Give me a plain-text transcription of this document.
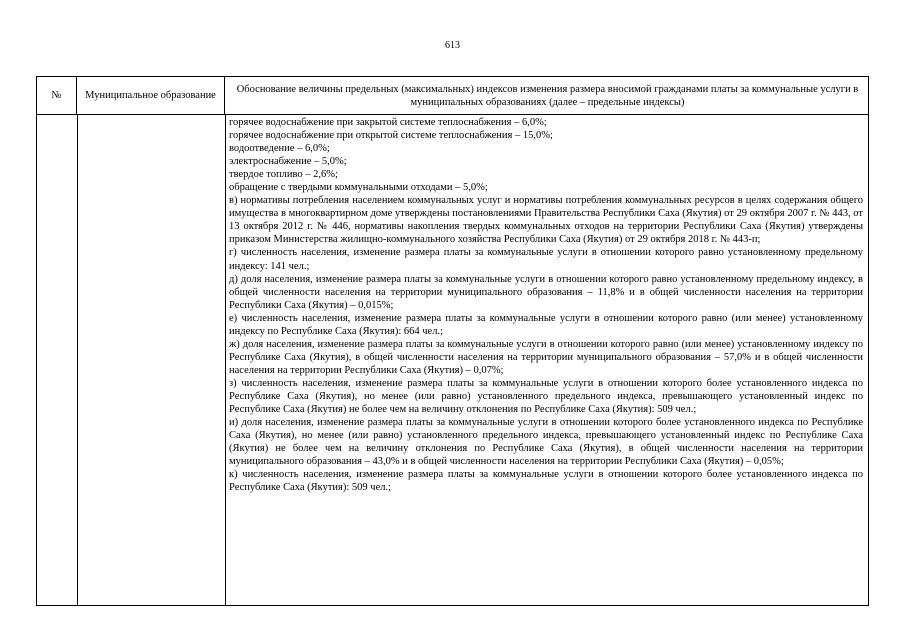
613
№	Муниципальное образование
Обоснование величины предельных (максимальных) индексов изменения размера вносимой гражданами платы за коммунальные услуги в муниципальных образованиях (далее – предельные индексы)

горячее водоснабжение при закрытой системе теплоснабжения – 6,0%;

горячее водоснабжение при открытой системе теплоснабжения – 15,0%;

водоотведение – 6,0%;

электроснабжение – 5,0%;

твердое топливо – 2,6%;

обращение с твердыми коммунальными отходами – 5,0%;

в) нормативы потребления населением коммунальных услуг и нормативы потребления коммунальных ресурсов в целях содержания общего имущества в многоквартирном доме утверждены постановлениями Правительства Республики Саха (Якутия) от 29 октября 2007 г. № 443, от 13 октября 2012 г. № 446, нормативы накопления твердых коммунальных отходов на территории Республики Саха (Якутия) утверждены приказом Министерства жилищно-коммунального хозяйства Республики Саха (Якутия) от 29 октября 2018 г. № 443-п;

г) численность населения, изменение размера платы за коммунальные услуги в отношении которого равно установленному предельному индексу: 141 чел.;

д) доля населения, изменение размера платы за коммунальные услуги в отношении которого равно установленному предельному индексу, в общей численности населения на территории муниципального образования – 11,8% и в общей численности населения на территории Республики Саха (Якутия) – 0,015%;

е) численность населения, изменение размера платы за коммунальные услуги в отношении которого равно (или менее) установленному индексу по Республике Саха (Якутия): 664 чел.;

ж) доля населения, изменение размера платы за коммунальные услуги в отношении которого равно (или менее) установленному индексу по Республике Саха (Якутия), в общей численности населения на территории муниципального образования – 57,0% и в общей численности населения на территории Республики Саха (Якутия) – 0,07%;

з) численность населения, изменение размера платы за коммунальные услуги в отношении которого более установленного индекса по Республике Саха (Якутия), но менее (или равно) установленного предельного индекса, превышающего установленный индекс по Республике Саха (Якутия) не более чем на величину отклонения по Республике Саха (Якутия): 509 чел.;

и) доля населения, изменение размера платы за коммунальные услуги в отношении которого более установленного индекса по Республике Саха (Якутия), но менее (или равно) установленного предельного индекса, превышающего установленный индекс по Республике Саха (Якутия) не более чем на величину отклонения по Республике Саха (Якутия), в общей численности населения на территории муниципального образования – 43,0% и в общей численности населения на территории Республики Саха (Якутия) – 0,05%;

к) численность населения, изменение размера платы за коммунальные услуги в отношении которого более установленного индекса по Республике Саха (Якутия): 509 чел.;
